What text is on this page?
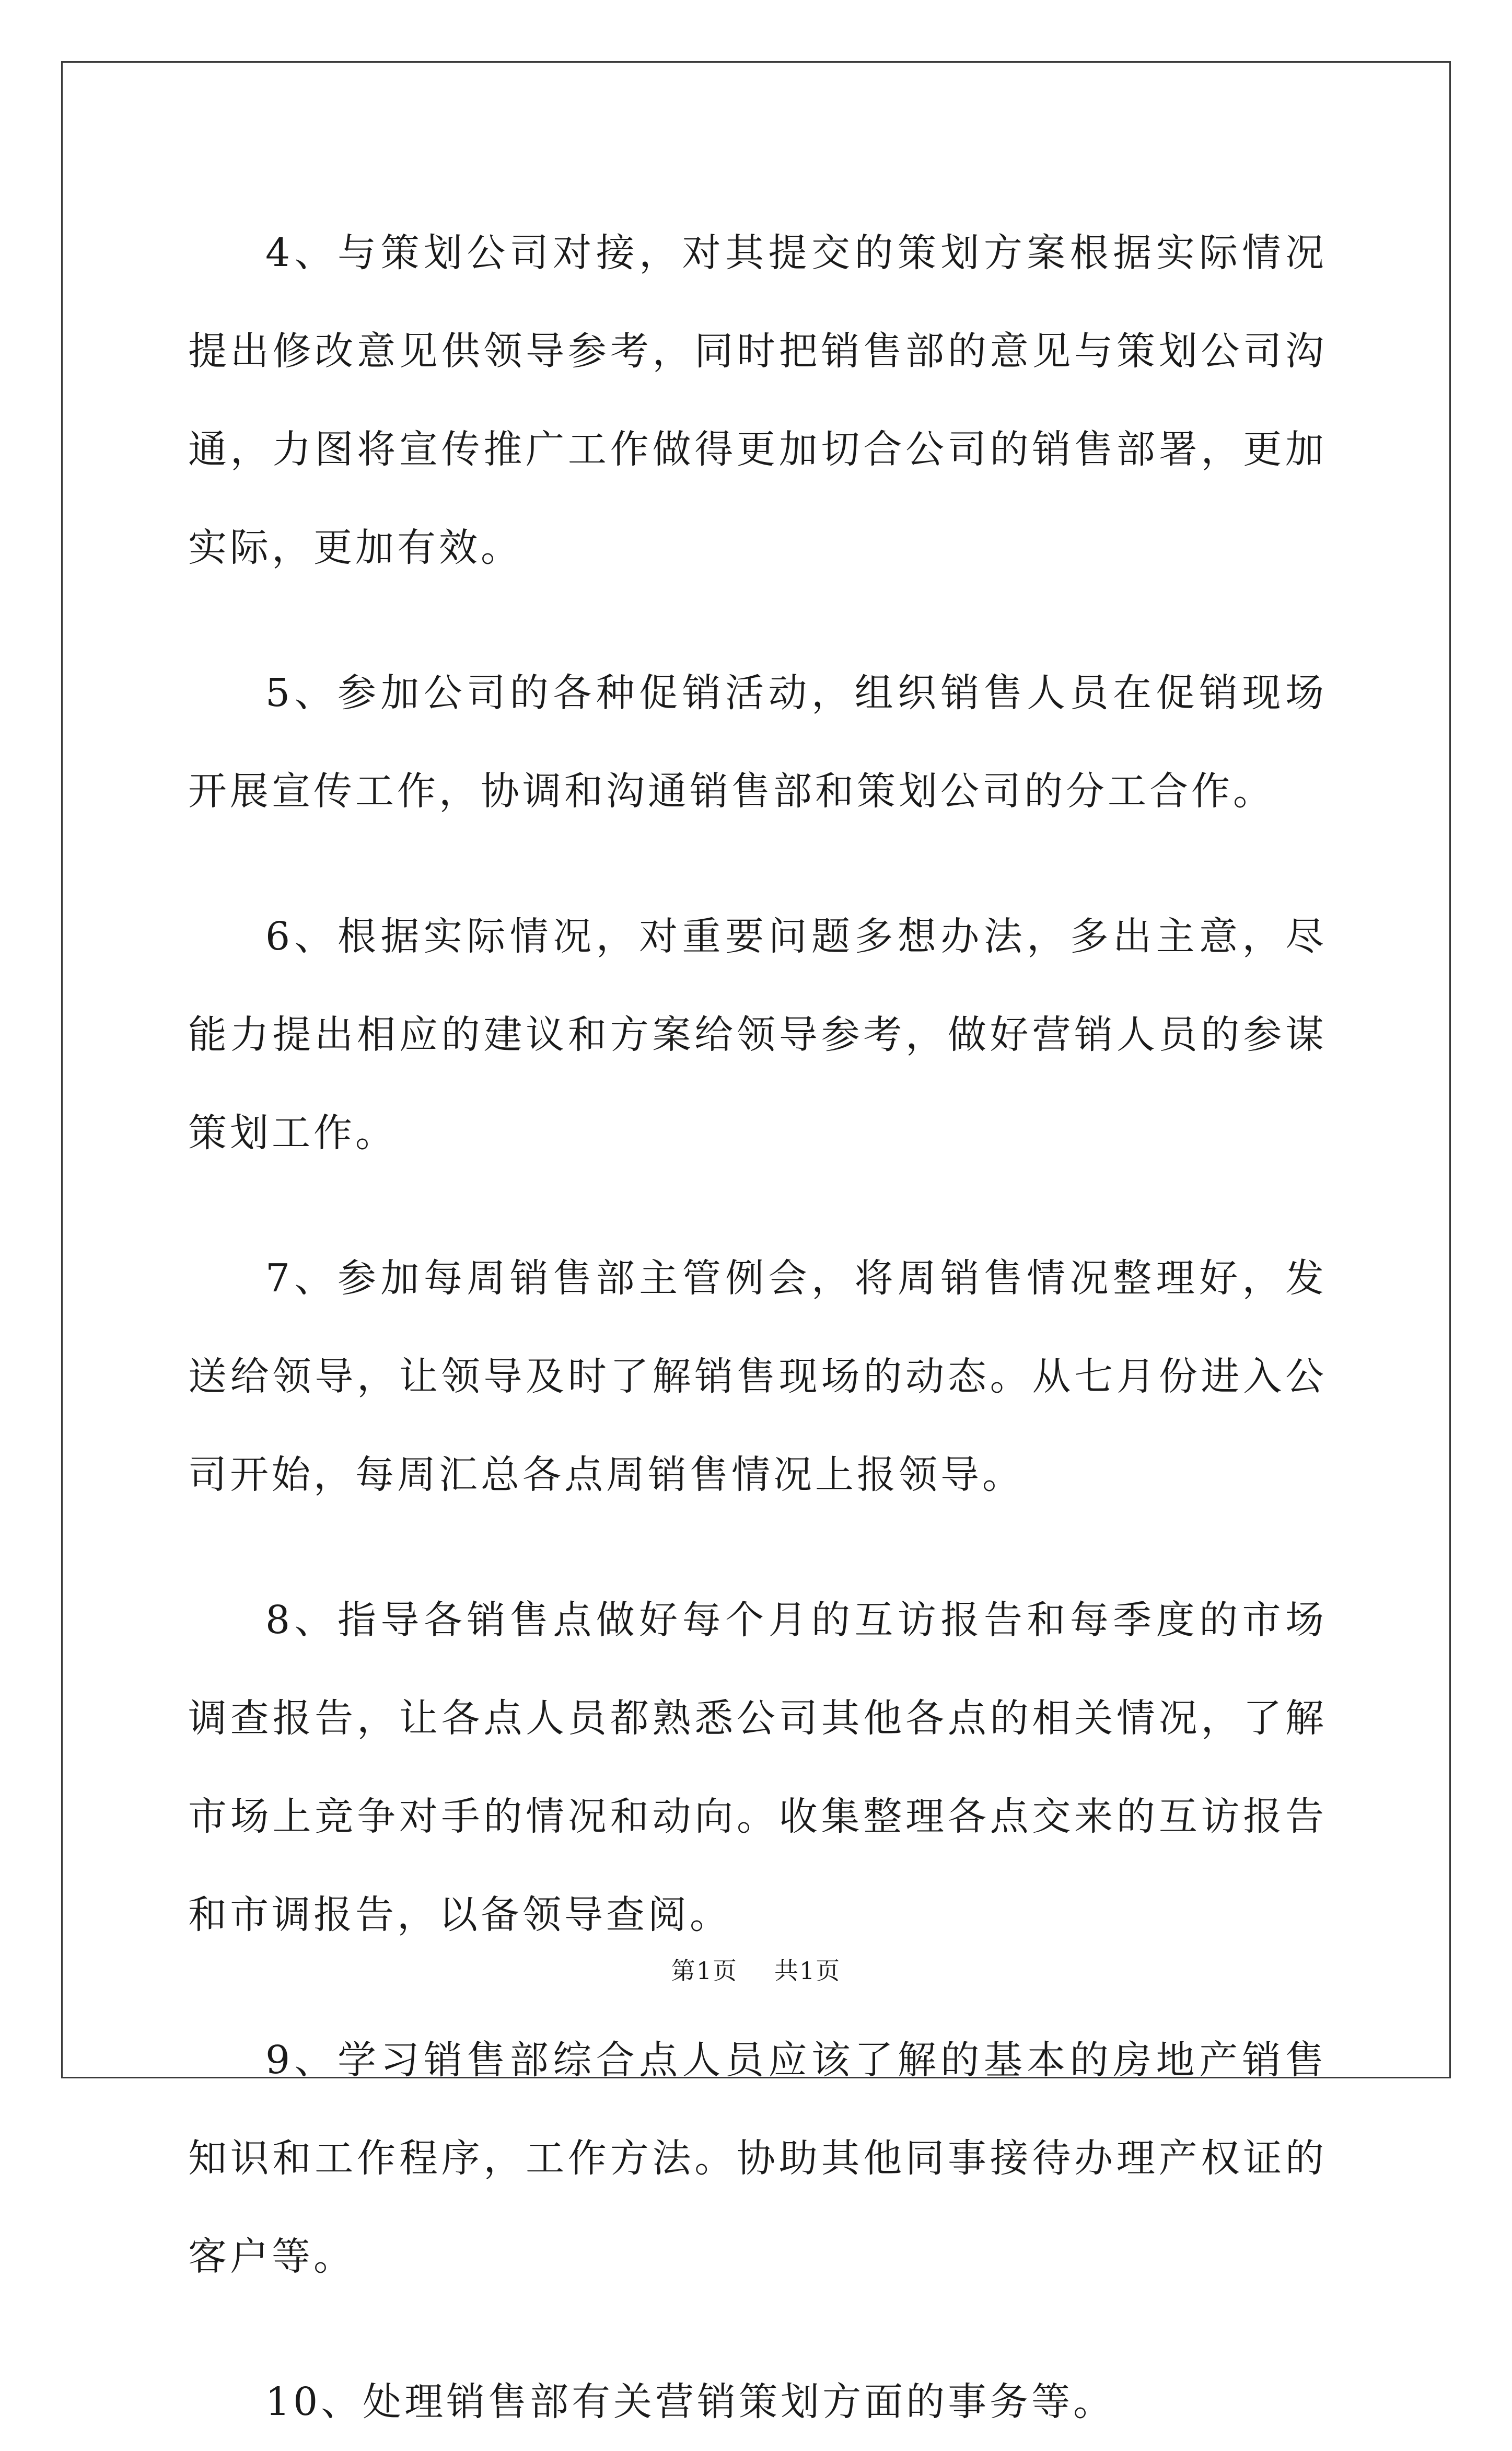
4、与策划公司对接，对其提交的策划方案根据实际情况提出修改意见供领导参考，同时把销售部的意见与策划公司沟通，力图将宣传推广工作做得更加切合公司的销售部署，更加实际，更加有效。

5、参加公司的各种促销活动，组织销售人员在促销现场开展宣传工作，协调和沟通销售部和策划公司的分工合作。

6、根据实际情况，对重要问题多想办法，多出主意，尽能力提出相应的建议和方案给领导参考，做好营销人员的参谋策划工作。

7、参加每周销售部主管例会，将周销售情况整理好，发送给领导，让领导及时了解销售现场的动态。从七月份进入公司开始，每周汇总各点周销售情况上报领导。

8、指导各销售点做好每个月的互访报告和每季度的市场调查报告，让各点人员都熟悉公司其他各点的相关情况，了解市场上竞争对手的情况和动向。收集整理各点交来的互访报告和市调报告，以备领导查阅。

9、学习销售部综合点人员应该了解的基本的房地产销售知识和工作程序，工作方法。协助其他同事接待办理产权证的客户等。

10、处理销售部有关营销策划方面的事务等。

第1页 共1页
